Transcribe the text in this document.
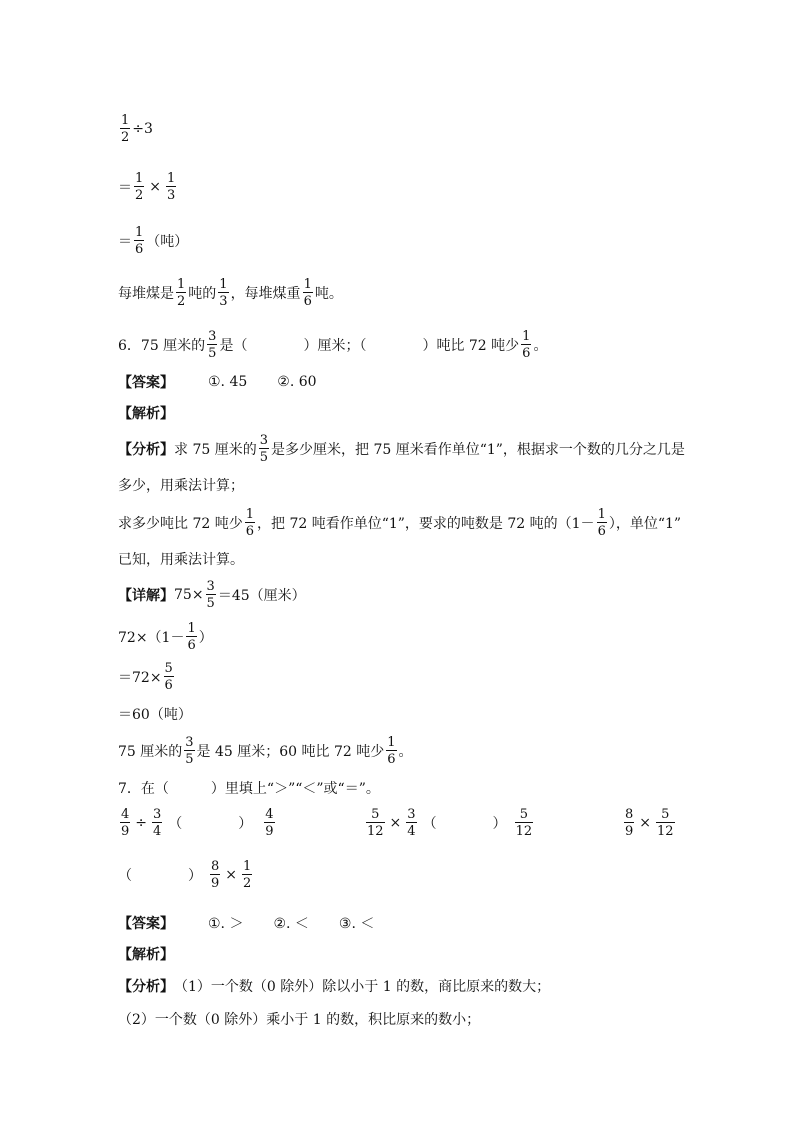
$\frac{1}{2} \div 3$
＝ $\frac{1}{2} \times \frac{1}{3}$
＝ $\frac{1}{6}$ （吨）
每堆煤是 $\frac{1}{2}$ 吨的 $\frac{1}{3}$ ，每堆煤重 $\frac{1}{6}$ 吨。
6．75 厘米的 $\frac{3}{5}$ 是（	）厘米；（	）吨比 72 吨少 $\frac{1}{6}$ 。
【答案】 ①. 45 ②. 60
【解析】
【分析】 求 75 厘米的 $\frac{3}{5}$ 是多少厘米，把 75 厘米看作单位“1”，根据求一个数的几分之几是
多少，用乘法计算；
求多少吨比 72 吨少 $\frac{1}{6}$ ，把 72 吨看作单位“1”，要求的吨数是 72 吨的（$1- \frac{1}{6}$ ），单位“1”
已知，用乘法计算。
【详解】 $75\times \frac{3}{5} =45$（厘米）
$72\times(1- \frac{1}{6}$ ）
$=72\times \frac{5}{6}$
＝60（吨）
75 厘米的 $\frac{3}{5}$ 是 45 厘米；60 吨比 72 吨少 $\frac{1}{6}$ 。
7．在（　　　）里填上“＞”“＜”或“＝”。
$\frac{4}{9} \div \frac{3}{4}$ （　　　　） $\frac{4}{9}$	$\frac{5}{12} \times \frac{3}{4}$ （　　　　） $\frac{5}{12}$	$\frac{8}{9} \times \frac{5}{12}$
（　　　　） $\frac{8}{9} \times \frac{1}{2}$
【答案】 ①. ＞ ②. ＜ ③. ＜
【解析】
【分析】 （1）一个数（0 除外）除以小于 1 的数，商比原来的数大；
（2）一个数（0 除外）乘小于 1 的数，积比原来的数小；
